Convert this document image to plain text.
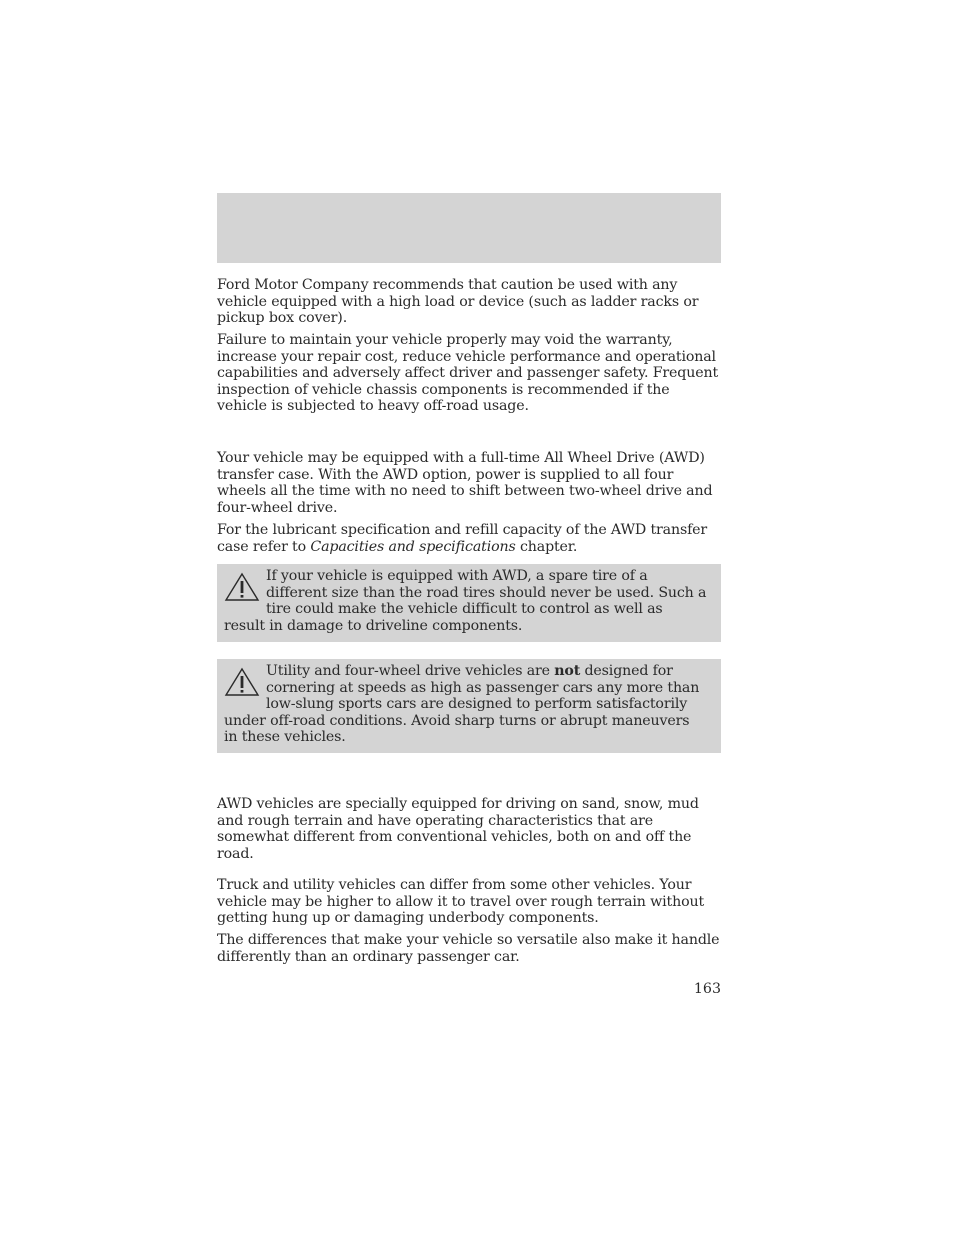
Ford Motor Company recommends that caution be used with any vehicle equipped with a high load or device (such as ladder racks or pickup box cover).

Failure to maintain your vehicle properly may void the warranty, increase your repair cost, reduce vehicle performance and operational capabilities and adversely affect driver and passenger safety. Frequent inspection of vehicle chassis components is recommended if the vehicle is subjected to heavy off-road usage.

Your vehicle may be equipped with a full-time All Wheel Drive (AWD) transfer case. With the AWD option, power is supplied to all four wheels all the time with no need to shift between two-wheel drive and four-wheel drive.

For the lubricant specification and refill capacity of the AWD transfer case refer to Capacities and specifications chapter.

If your vehicle is equipped with AWD, a spare tire of a different size than the road tires should never be used. Such a tire could make the vehicle difficult to control as well as result in damage to driveline components.

Utility and four-wheel drive vehicles are not designed for cornering at speeds as high as passenger cars any more than low-slung sports cars are designed to perform satisfactorily under off-road conditions. Avoid sharp turns or abrupt maneuvers in these vehicles.

AWD vehicles are specially equipped for driving on sand, snow, mud and rough terrain and have operating characteristics that are somewhat different from conventional vehicles, both on and off the road.

Truck and utility vehicles can differ from some other vehicles. Your vehicle may be higher to allow it to travel over rough terrain without getting hung up or damaging underbody components.

The differences that make your vehicle so versatile also make it handle differently than an ordinary passenger car.

163
